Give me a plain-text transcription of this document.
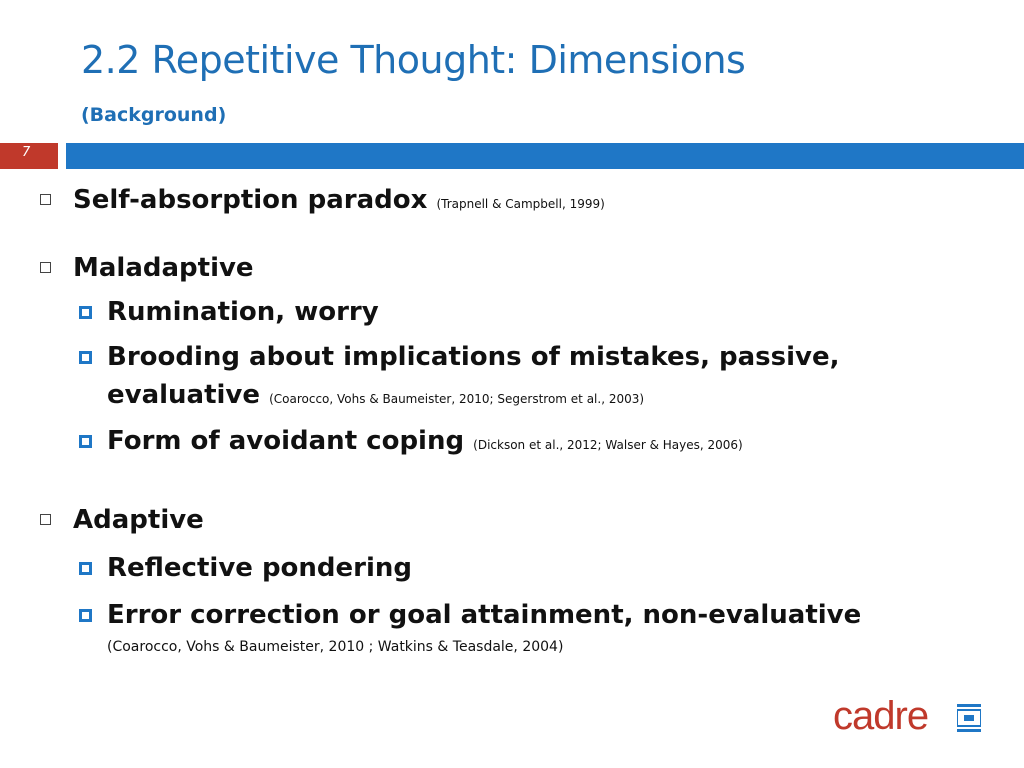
2.2 Repetitive Thought: Dimensions
(Background)
7
Self-absorption paradox (Trapnell & Campbell, 1999)
Maladaptive
Rumination, worry
Brooding about implications of mistakes, passive,
evaluative (Coarocco, Vohs & Baumeister, 2010; Segerstrom et al., 2003)
Form of avoidant coping (Dickson et al., 2012; Walser & Hayes, 2006)
Adaptive
Reflective pondering
Error correction or goal attainment, non-evaluative
(Coarocco, Vohs & Baumeister, 2010 ; Watkins & Teasdale, 2004)
cadre
